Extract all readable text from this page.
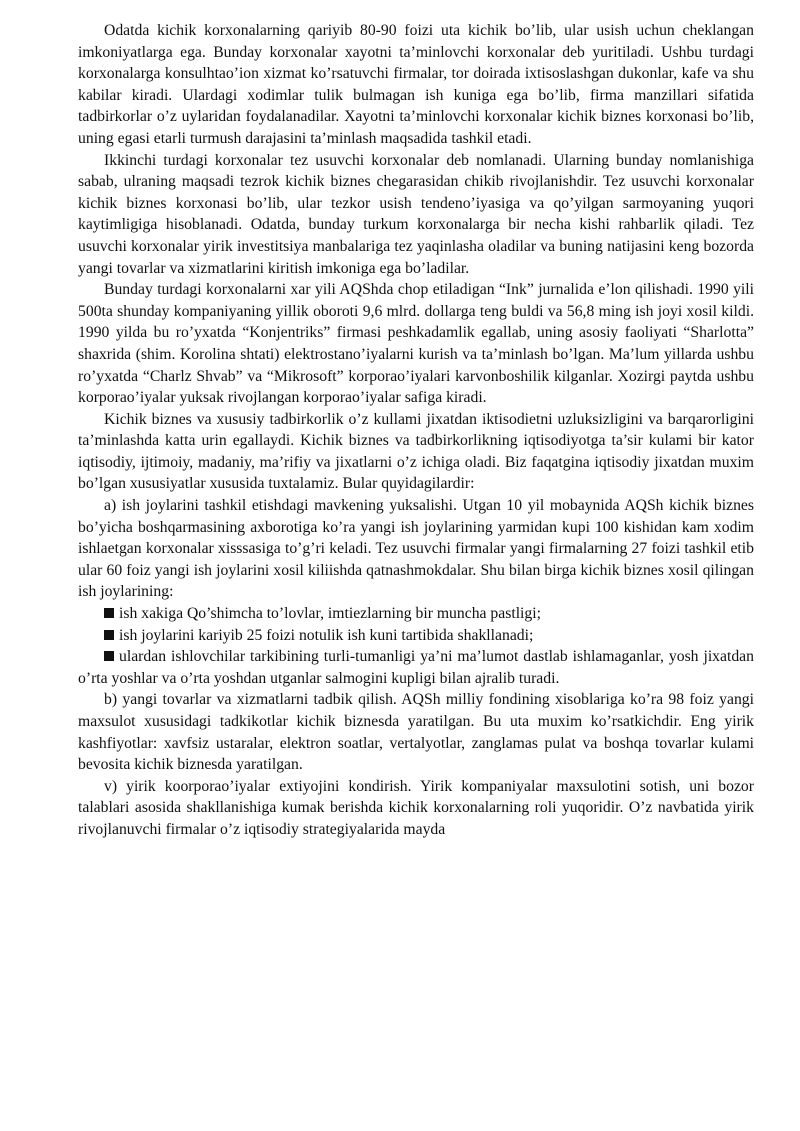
Odatda kichik korxonalarning qariyib 80-90 foizi uta kichik bo’lib, ular usish uchun cheklangan imkoniyatlarga ega. Bunday korxonalar xayotni ta’minlovchi korxonalar deb yuritiladi. Ushbu turdagi korxonalarga konsulhtao’ion xizmat ko’rsatuvchi firmalar, tor doirada ixtisoslashgan dukonlar, kafe va shu kabilar kiradi. Ulardagi xodimlar tulik bulmagan ish kuniga ega bo’lib, firma manzillari sifatida tadbirkorlar o’z uylaridan foydalanadilar. Xayotni ta’minlovchi korxonalar kichik biznes korxonasi bo’lib, uning egasi etarli turmush darajasini ta’minlash maqsadida tashkil etadi.

Ikkinchi turdagi korxonalar tez usuvchi korxonalar deb nomlanadi. Ularning bunday nomlanishiga sabab, ulraning maqsadi tezrok kichik biznes chegarasidan chikib rivojlanishdir. Tez usuvchi korxonalar kichik biznes korxonasi bo’lib, ular tezkor usish tendeno’iyasiga va qo’yilgan sarmoyaning yuqori kaytimligiga hisoblanadi. Odatda, bunday turkum korxonalarga bir necha kishi rahbarlik qiladi. Tez usuvchi korxonalar yirik investitsiya manbalariga tez yaqinlasha oladilar va buning natijasini keng bozorda yangi tovarlar va xizmatlarini kiritish imkoniga ega bo’ladilar.

Bunday turdagi korxonalarni xar yili AQShda chop etiladigan “Ink” jurnalida e’lon qilishadi. 1990 yili 500ta shunday kompaniyaning yillik oboroti 9,6 mlrd. dollarga teng buldi va 56,8 ming ish joyi xosil kildi. 1990 yilda bu ro’yxatda “Konjentriks” firmasi peshkadamlik egallab, uning asosiy faoliyati “Sharlotta” shaxrida (shim. Korolina shtati) elektrostano’iyalarni kurish va ta’minlash bo’lgan. Ma’lum yillarda ushbu ro’yxatda “Charlz Shvab” va “Mikrosoft” korporao’iyalari karvonboshilik kilganlar. Xozirgi paytda ushbu korporao’iyalar yuksak rivojlangan korporao’iyalar safiga kiradi.

Kichik biznes va xususiy tadbirkorlik o’z kullami jixatdan iktisodietni uzluksizligini va barqarorligini ta’minlashda katta urin egallaydi. Kichik biznes va tadbirkorlikning iqtisodiyotga ta’sir kulami bir kator iqtisodiy, ijtimoiy, madaniy, ma’rifiy va jixatlarni o’z ichiga oladi. Biz faqatgina iqtisodiy jixatdan muxim bo’lgan xususiyatlar xususida tuxtalamiz. Bular quyidagilardir:

a) ish joylarini tashkil etishdagi mavkening yuksalishi. Utgan 10 yil mobaynida AQSh kichik biznes bo’yicha boshqarmasining axborotiga ko’ra yangi ish joylarining yarmidan kupi 100 kishidan kam xodim ishlaetgan korxonalar xisssasiga to’g’ri keladi. Tez usuvchi firmalar yangi firmalarning 27 foizi tashkil etib ular 60 foiz yangi ish joylarini xosil kiliishda qatnashmokdalar. Shu bilan birga kichik biznes xosil qilingan ish joylarining:

ish xakiga Qo’shimcha to’lovlar, imtiezlarning bir muncha pastligi;

ish joylarini kariyib 25 foizi notulik ish kuni tartibida shakllanadi;

ulardan ishlovchilar tarkibining turli-tumanligi ya’ni ma’lumot dastlab ishlamaganlar, yosh jixatdan o’rta yoshlar va o’rta yoshdan utganlar salmogini kupligi bilan ajralib turadi.

b) yangi tovarlar va xizmatlarni tadbik qilish. AQSh milliy fondining xisoblariga ko’ra 98 foiz yangi maxsulot xususidagi tadkikotlar kichik biznesda yaratilgan. Bu uta muxim ko’rsatkichdir. Eng yirik kashfiyotlar: xavfsiz ustaralar, elektron soatlar, vertalyotlar, zanglamas pulat va boshqa tovarlar kulami bevosita kichik biznesda yaratilgan.

v) yirik koorporao’iyalar extiyojini kondirish. Yirik kompaniyalar maxsulotini sotish, uni bozor talablari asosida shakllanishiga kumak berishda kichik korxonalarning roli yuqoridir. O’z navbatida yirik rivojlanuvchi firmalar o’z iqtisodiy strategiyalarida mayda
